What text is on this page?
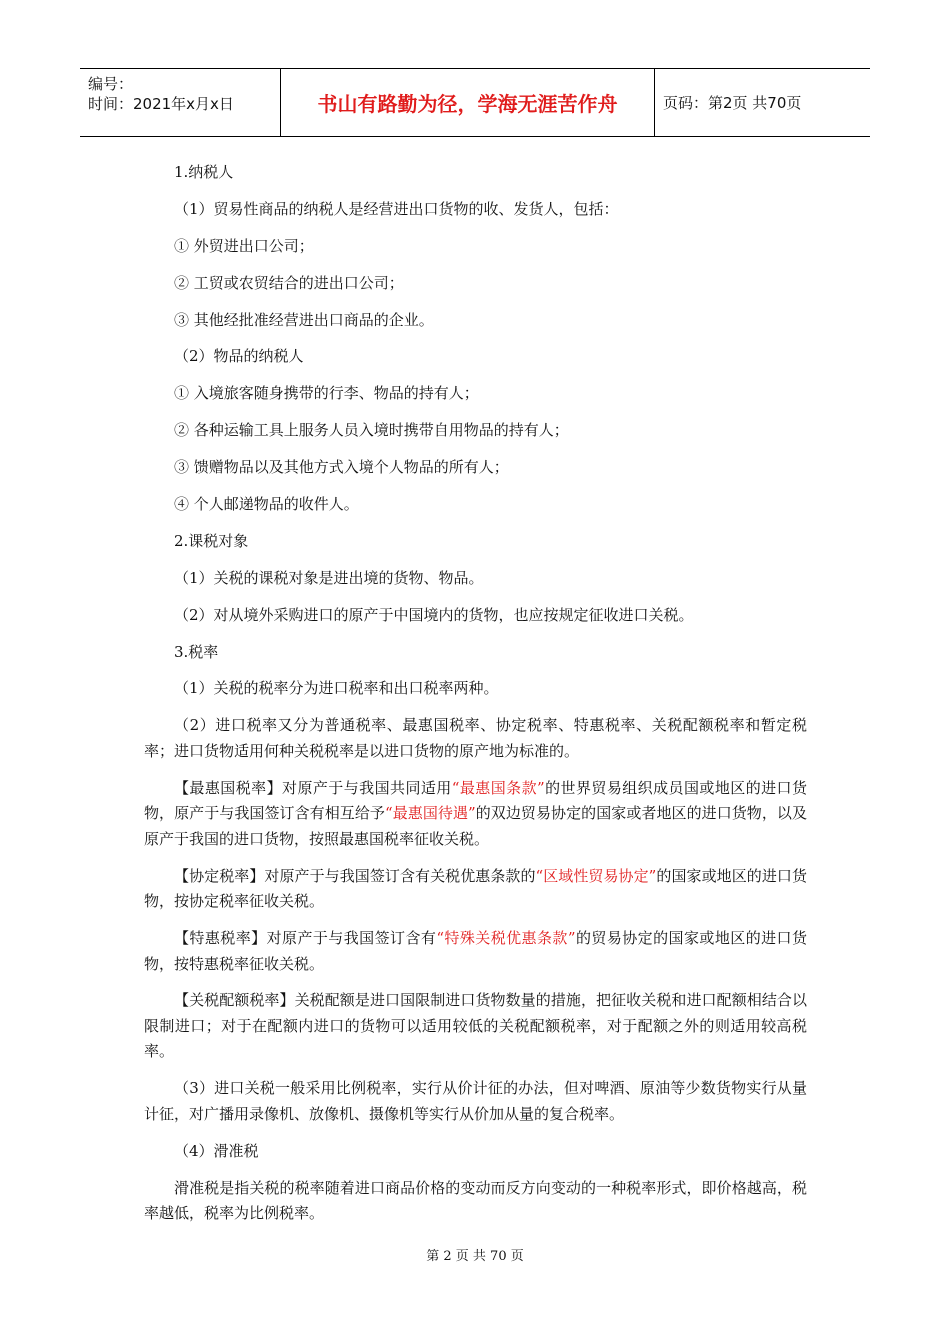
编号：
时间：2021年x月x日	书山有路勤为径，学海无涯苦作舟	页码：第2页 共70页

1.纳税人

（1）贸易性商品的纳税人是经营进出口货物的收、发货人，包括：

① 外贸进出口公司；

② 工贸或农贸结合的进出口公司；

③ 其他经批准经营进出口商品的企业。

（2）物品的纳税人

① 入境旅客随身携带的行李、物品的持有人；

② 各种运输工具上服务人员入境时携带自用物品的持有人；

③ 馈赠物品以及其他方式入境个人物品的所有人；

④ 个人邮递物品的收件人。

2.课税对象

（1）关税的课税对象是进出境的货物、物品。

（2）对从境外采购进口的原产于中国境内的货物，也应按规定征收进口关税。

3.税率

（1）关税的税率分为进口税率和出口税率两种。

（2）进口税率又分为普通税率、最惠国税率、协定税率、特惠税率、关税配额税率和暂定税率；进口货物适用何种关税税率是以进口货物的原产地为标准的。

【最惠国税率】对原产于与我国共同适用“最惠国条款”的世界贸易组织成员国或地区的进口货物，原产于与我国签订含有相互给予“最惠国待遇”的双边贸易协定的国家或者地区的进口货物，以及原产于我国的进口货物，按照最惠国税率征收关税。

【协定税率】对原产于与我国签订含有关税优惠条款的“区域性贸易协定”的国家或地区的进口货物，按协定税率征收关税。

【特惠税率】对原产于与我国签订含有“特殊关税优惠条款”的贸易协定的国家或地区的进口货物，按特惠税率征收关税。

【关税配额税率】关税配额是进口国限制进口货物数量的措施，把征收关税和进口配额相结合以限制进口；对于在配额内进口的货物可以适用较低的关税配额税率，对于配额之外的则适用较高税率。

（3）进口关税一般采用比例税率，实行从价计征的办法，但对啤酒、原油等少数货物实行从量计征，对广播用录像机、放像机、摄像机等实行从价加从量的复合税率。

（4）滑准税

滑准税是指关税的税率随着进口商品价格的变动而反方向变动的一种税率形式，即价格越高，税率越低，税率为比例税率。

第 2 页 共 70 页
